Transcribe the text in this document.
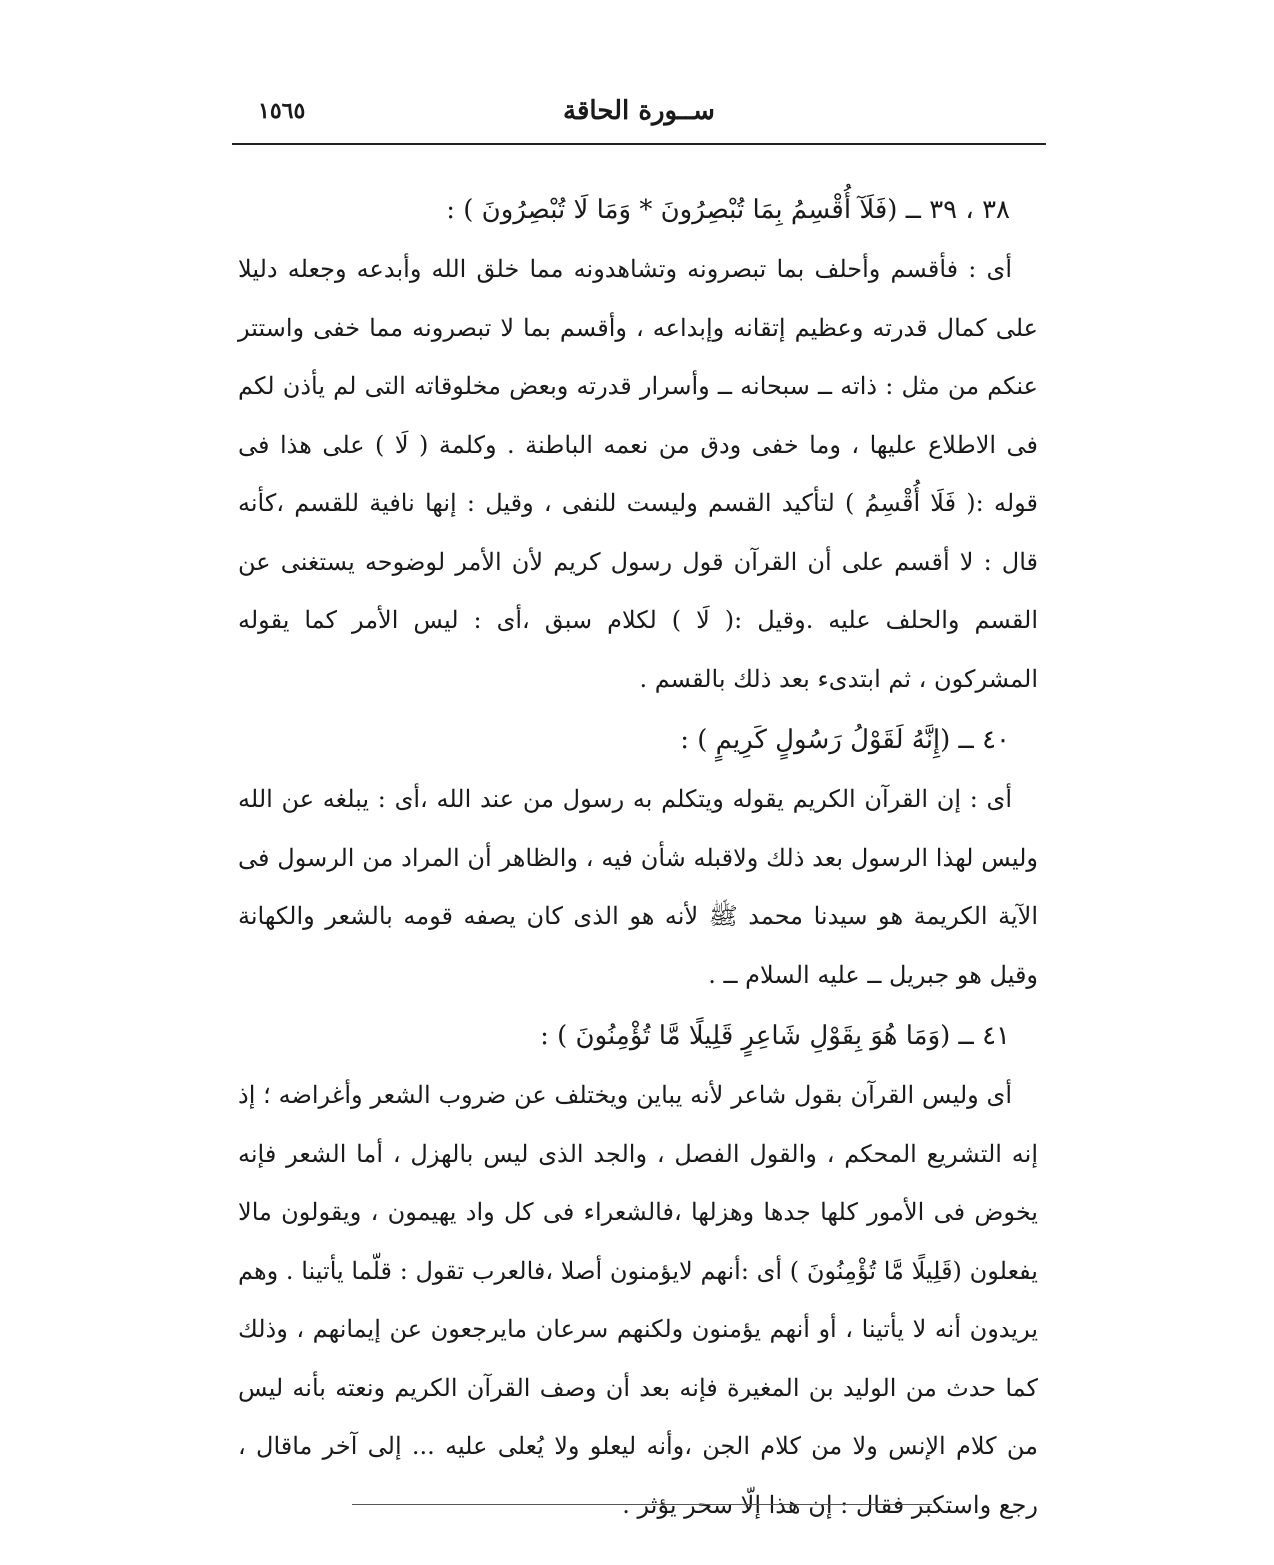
ســورة الحاقة
١٥٦٥
٣٨ ، ٣٩ ــ (فَلَآ أُقْسِمُ بِمَا تُبْصِرُونَ * وَمَا لَا تُبْصِرُونَ ) :

أى : فأقسم وأحلف بما تبصرونه وتشاهدونه مما خلق الله وأبدعه وجعله دليلا على كمال قدرته وعظيم إتقانه وإبداعه ، وأقسم بما لا تبصرونه مما خفى واستتر عنكم من مثل : ذاته ــ سبحانه ــ وأسرار قدرته وبعض مخلوقاته التى لم يأذن لكم فى الاطلاع عليها ، وما خفى ودق من نعمه الباطنة . وكلمة ( لَا ) على هذا فى قوله :( فَلَا أُقْسِمُ ) لتأكيد القسم وليست للنفى ، وقيل : إنها نافية للقسم ،كأنه قال : لا أقسم على أن القرآن قول رسول كريم لأن الأمر لوضوحه يستغنى عن القسم والحلف عليه .وقيل :( لَا ) لكلام سبق ،أى : ليس الأمر كما يقوله المشركون ، ثم ابتدىء بعد ذلك بالقسم .

٤٠ ــ (إِنَّهُ لَقَوْلُ رَسُولٍ كَرِيمٍ ) :

أى : إن القرآن الكريم يقوله ويتكلم به رسول من عند الله ،أى : يبلغه عن الله وليس لهذا الرسول بعد ذلك ولاقبله شأن فيه ، والظاهر أن المراد من الرسول فى الآية الكريمة هو سيدنا محمد ﷺ لأنه هو الذى كان يصفه قومه بالشعر والكهانة وقيل هو جبريل ــ عليه السلام ــ .

٤١ ــ (وَمَا هُوَ بِقَوْلِ شَاعِرٍ قَلِيلًا مَّا تُؤْمِنُونَ ) :

أى وليس القرآن بقول شاعر لأنه يباين ويختلف عن ضروب الشعر وأغراضه ؛ إذ إنه التشريع المحكم ، والقول الفصل ، والجد الذى ليس بالهزل ، أما الشعر فإنه يخوض فى الأمور كلها جدها وهزلها ،فالشعراء فى كل واد يهيمون ، ويقولون مالا يفعلون (قَلِيلًا مَّا تُؤْمِنُونَ ) أى :أنهم لايؤمنون أصلا ،فالعرب تقول : قلّما يأتينا . وهم يريدون أنه لا يأتينا ، أو أنهم يؤمنون ولكنهم سرعان مايرجعون عن إيمانهم ، وذلك كما حدث من الوليد بن المغيرة فإنه بعد أن وصف القرآن الكريم ونعته بأنه ليس من كلام الإنس ولا من كلام الجن ،وأنه ليعلو ولا يُعلى عليه ... إلى آخر ماقال ، رجع واستكبر فقال : إن هذا إلّا سحر يؤثر .
